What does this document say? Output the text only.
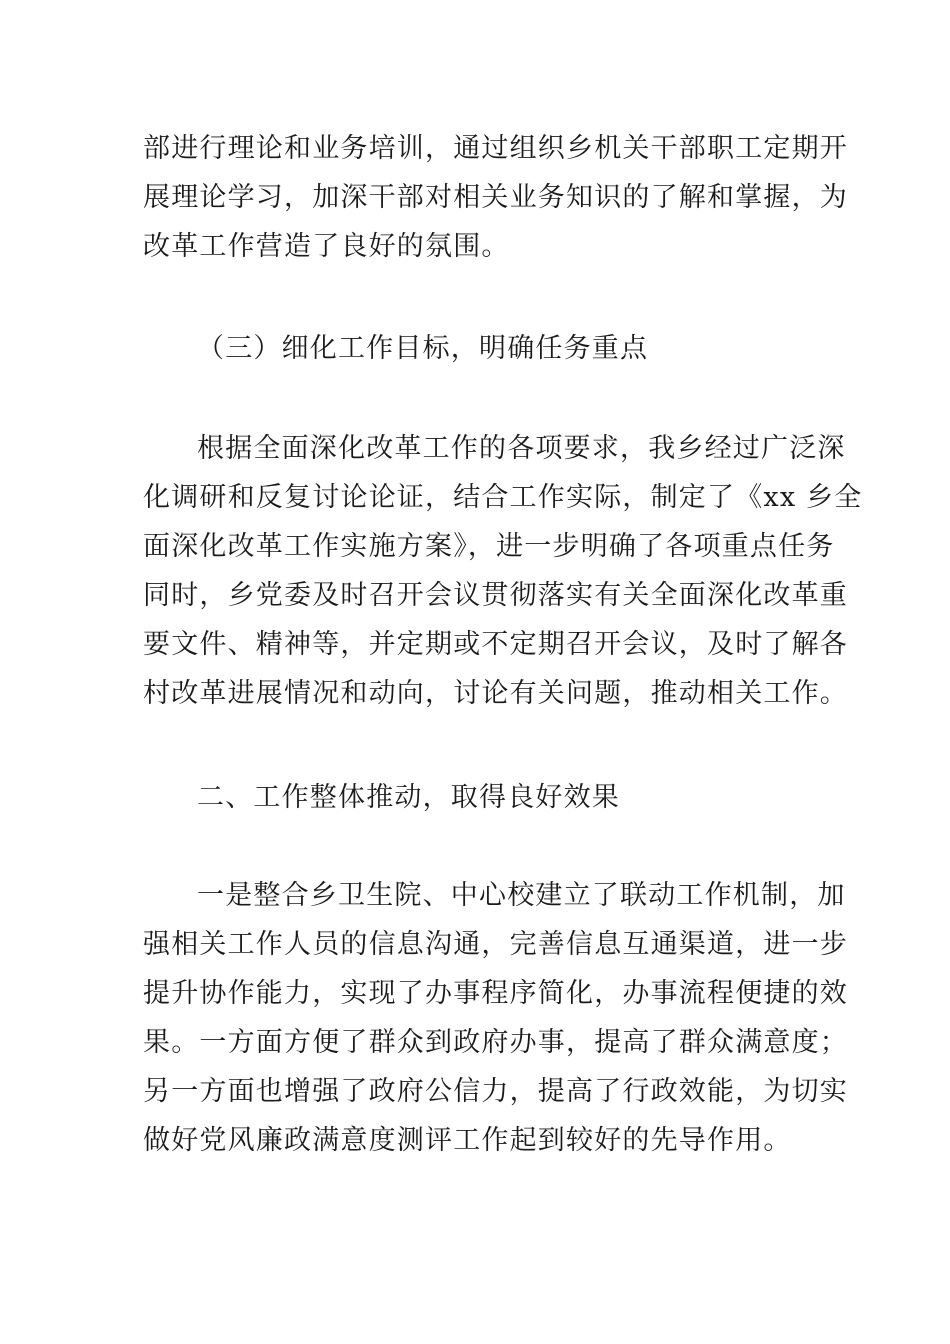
部进行理论和业务培训，通过组织乡机关干部职工定期开
展理论学习，加深干部对相关业务知识的了解和掌握，为
改革工作营造了良好的氛围。
（三）细化工作目标，明确任务重点
根据全面深化改革工作的各项要求，我乡经过广泛深
化调研和反复讨论论证，结合工作实际，制定了《xx 乡全
面深化改革工作实施方案》，进一步明确了各项重点任务
同时，乡党委及时召开会议贯彻落实有关全面深化改革重
要文件、精神等，并定期或不定期召开会议，及时了解各
村改革进展情况和动向，讨论有关问题，推动相关工作。
二、工作整体推动，取得良好效果
一是整合乡卫生院、中心校建立了联动工作机制，加
强相关工作人员的信息沟通，完善信息互通渠道，进一步
提升协作能力，实现了办事程序简化，办事流程便捷的效
果。一方面方便了群众到政府办事，提高了群众满意度；
另一方面也增强了政府公信力，提高了行政效能，为切实
做好党风廉政满意度测评工作起到较好的先导作用。
